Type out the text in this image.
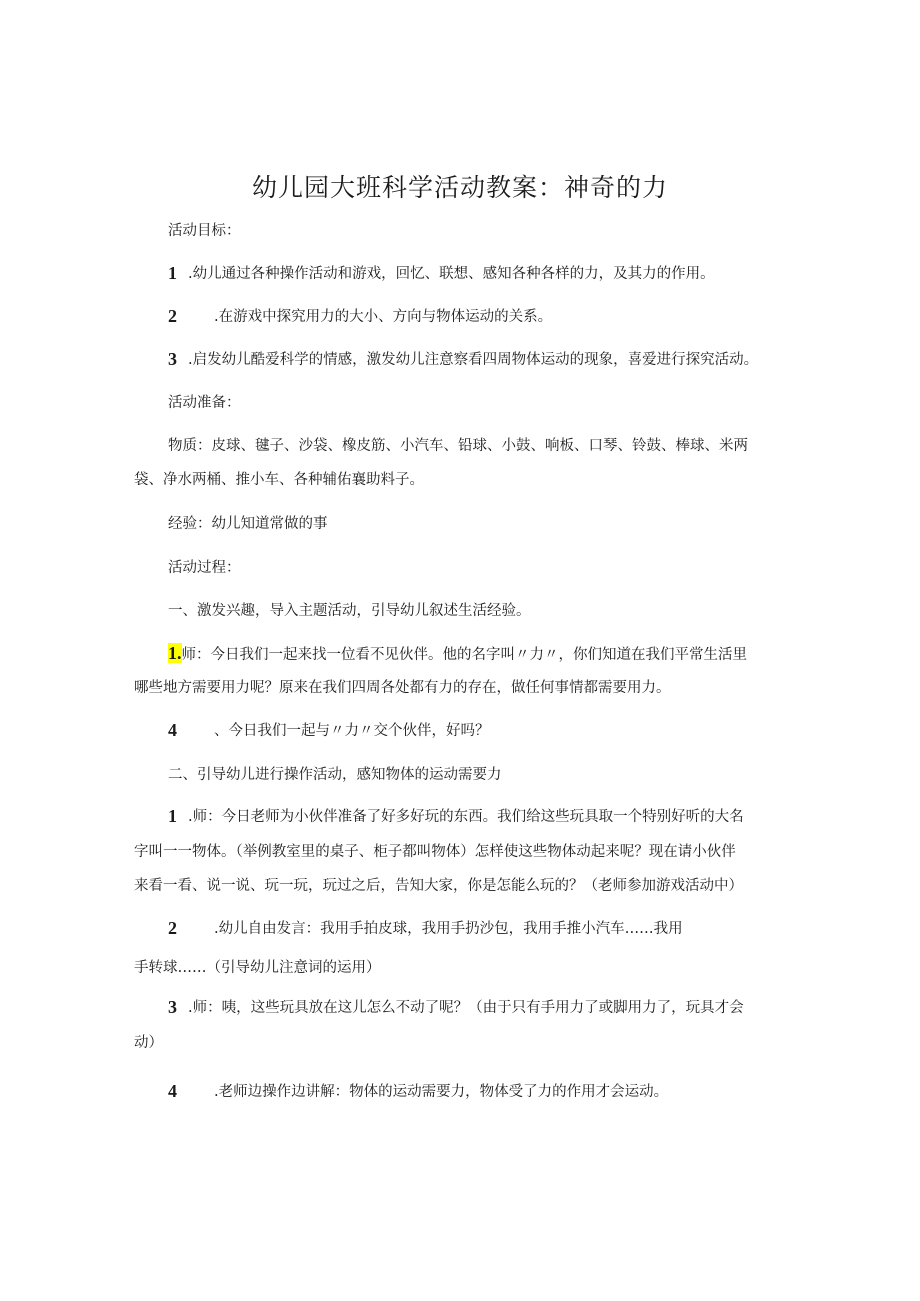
幼儿园大班科学活动教案：神奇的力
活动目标：
1 .幼儿通过各种操作活动和游戏，回忆、联想、感知各种各样的力，及其力的作用。
2	.在游戏中探究用力的大小、方向与物体运动的关系。
3 .启发幼儿酷爱科学的情感，激发幼儿注意察看四周物体运动的现象，喜爱进行探究活动。
活动准备：
物质：皮球、毽子、沙袋、橡皮筋、小汽车、铅球、小鼓、响板、口琴、铃鼓、棒球、米两
袋、净水两桶、推小车、各种辅佑襄助料子。
经验：幼儿知道常做的事
活动过程：
一、激发兴趣，导入主题活动，引导幼儿叙述生活经验。
1.师：今日我们一起来找一位看不见伙伴。他的名字叫〃力〃，你们知道在我们平常生活里
哪些地方需要用力呢？原来在我们四周各处都有力的存在，做任何事情都需要用力。
4	、今日我们一起与〃力〃交个伙伴，好吗？
二、引导幼儿进行操作活动，感知物体的运动需要力
1 .师：今日老师为小伙伴准备了好多好玩的东西。我们给这些玩具取一个特别好听的大名
字叫一一物体。（举例教室里的桌子、柜子都叫物体）怎样使这些物体动起来呢？现在请小伙伴
来看一看、说一说、玩一玩，玩过之后，告知大家，你是怎能么玩的？（老师参加游戏活动中）
2	.幼儿自由发言：我用手拍皮球，我用手扔沙包，我用手推小汽车……我用
手转球……（引导幼儿注意词的运用）
3 .师：咦，这些玩具放在这儿怎么不动了呢？（由于只有手用力了或脚用力了，玩具才会
动）
4	.老师边操作边讲解：物体的运动需要力，物体受了力的作用才会运动。
